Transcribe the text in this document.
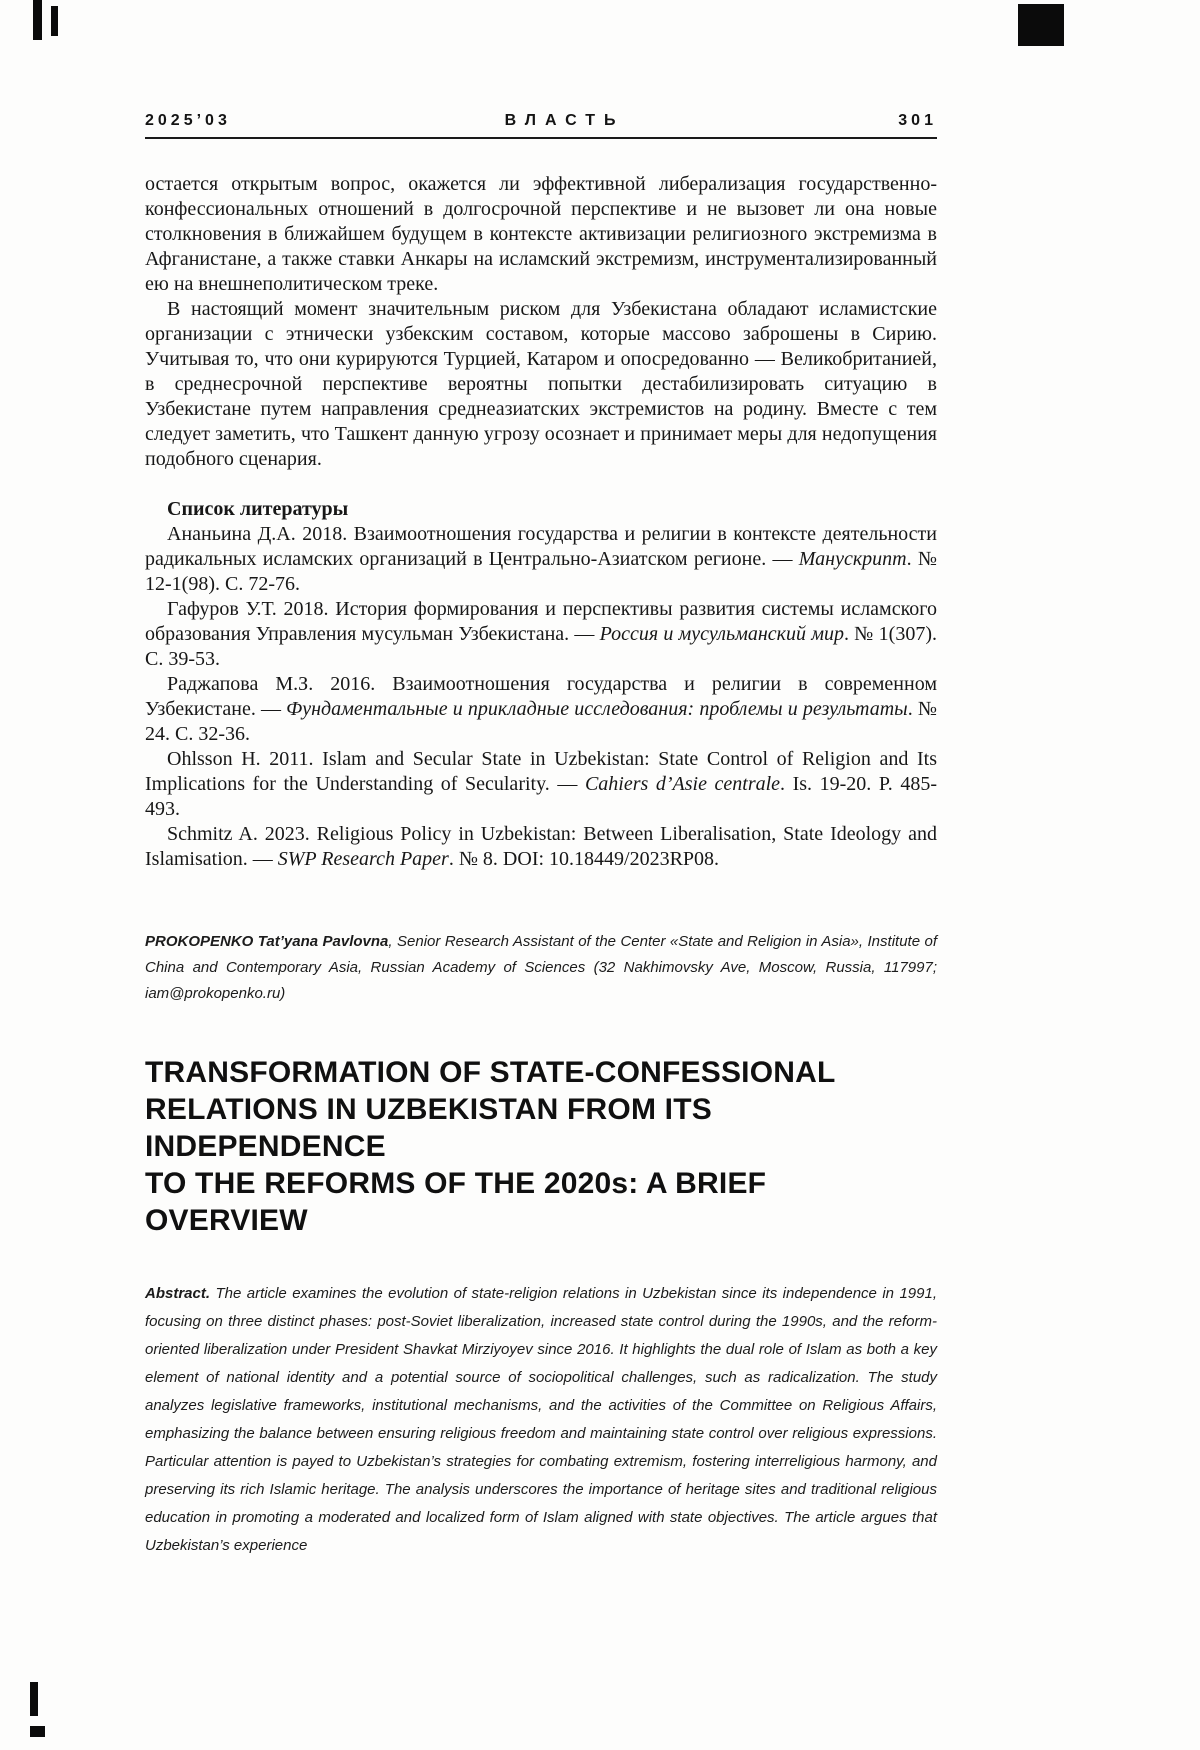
2025’03	ВЛАСТЬ	301

остается открытым вопрос, окажется ли эффективной либерализация государственно-конфессиональных отношений в долгосрочной перспективе и не вызовет ли она новые столкновения в ближайшем будущем в контексте активизации религиозного экстремизма в Афганистане, а также ставки Анкары на исламский экстремизм, инструментализированный ею на внешнеполитическом треке.

В настоящий момент значительным риском для Узбекистана обладают исламистские организации с этнически узбекским составом, которые массово заброшены в Сирию. Учитывая то, что они курируются Турцией, Катаром и опосредованно — Великобританией, в среднесрочной перспективе вероятны попытки дестабилизировать ситуацию в Узбекистане путем направления среднеазиатских экстремистов на родину. Вместе с тем следует заметить, что Ташкент данную угрозу осознает и принимает меры для недопущения подобного сценария.

Список литературы

Ананьина Д.А. 2018. Взаимоотношения государства и религии в контексте деятельности радикальных исламских организаций в Центрально-Азиатском регионе. — Манускрипт. № 12-1(98). С. 72-76.

Гафуров У.Т. 2018. История формирования и перспективы развития системы исламского образования Управления мусульман Узбекистана. — Россия и мусульманский мир. № 1(307). С. 39-53.

Раджапова М.З. 2016. Взаимоотношения государства и религии в современном Узбекистане. — Фундаментальные и прикладные исследования: проблемы и результаты. № 24. С. 32-36.

Ohlsson H. 2011. Islam and Secular State in Uzbekistan: State Control of Religion and Its Implications for the Understanding of Secularity. — Cahiers d’Asie centrale. Is. 19-20. P. 485-493.

Schmitz A. 2023. Religious Policy in Uzbekistan: Between Liberalisation, State Ideology and Islamisation. — SWP Research Paper. № 8. DOI: 10.18449/2023RP08.

PROKOPENKO Tat’yana Pavlovna, Senior Research Assistant of the Center «State and Religion in Asia», Institute of China and Contemporary Asia, Russian Academy of Sciences (32 Nakhimovsky Ave, Moscow, Russia, 117997; iam@prokopenko.ru)

TRANSFORMATION OF STATE-CONFESSIONAL
RELATIONS IN UZBEKISTAN FROM ITS INDEPENDENCE
TO THE REFORMS OF THE 2020s: A BRIEF OVERVIEW

Abstract. The article examines the evolution of state-religion relations in Uzbekistan since its independence in 1991, focusing on three distinct phases: post-Soviet liberalization, increased state control during the 1990s, and the reform-oriented liberalization under President Shavkat Mirziyoyev since 2016. It highlights the dual role of Islam as both a key element of national identity and a potential source of sociopolitical challenges, such as radicalization. The study analyzes legislative frameworks, institutional mechanisms, and the activities of the Committee on Religious Affairs, emphasizing the balance between ensuring religious freedom and maintaining state control over religious expressions. Particular attention is payed to Uzbekistan’s strategies for combating extremism, fostering interreligious harmony, and preserving its rich Islamic heritage. The analysis underscores the importance of heritage sites and traditional religious education in promoting a moderated and localized form of Islam aligned with state objectives. The article argues that Uzbekistan’s experience
